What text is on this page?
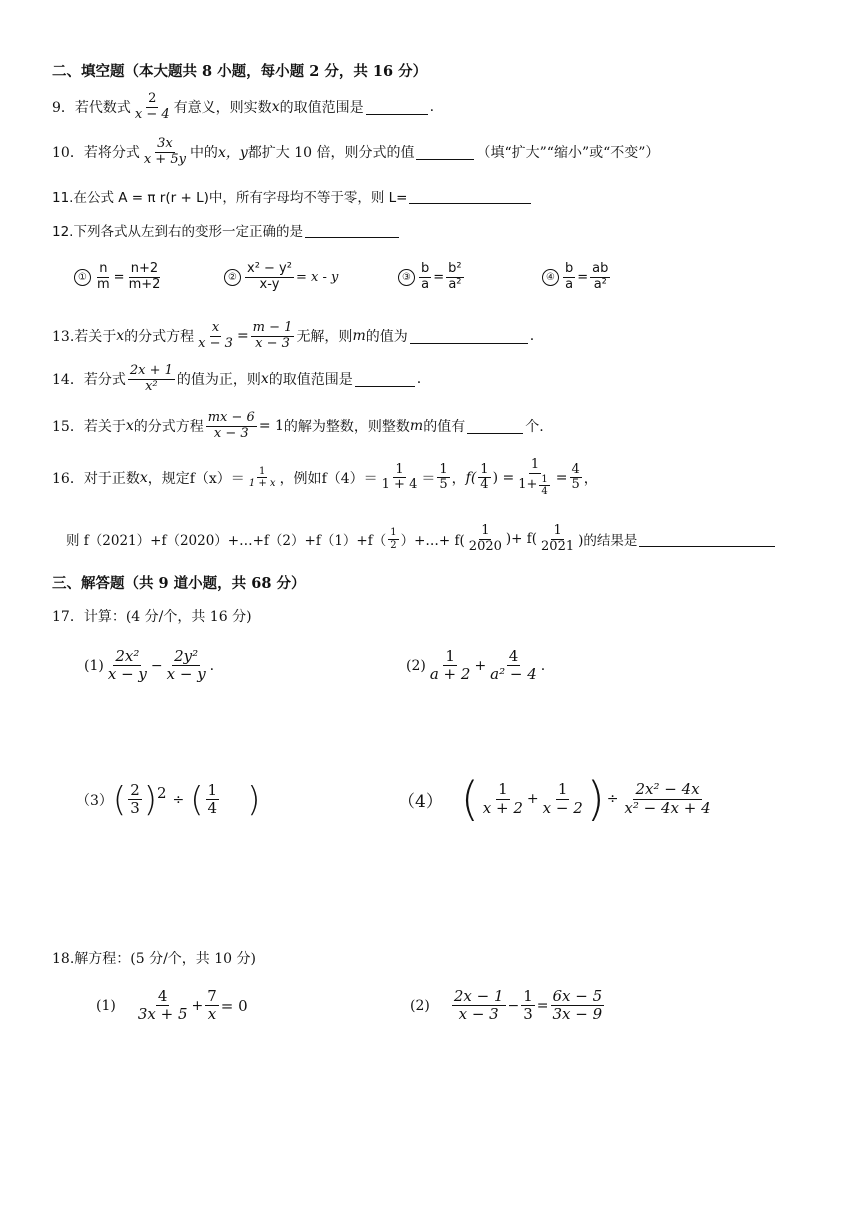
二、填空题（本大题共 8 小题，每小题 2 分，共 16 分）
9．若代数式 $\frac{2}{x - 4}$ 有意义，则实数 x 的取值范围是	.
10．若将分式 $\frac{3x}{x + 5y}$ 中的 x，y 都扩大 10 倍，则分式的值	（填“扩大”“缩小”或“不变”）
11.在公式 A = π r(r + L)中，所有字母均不等于零，则 L=
12.下列各式从左到右的变形一定正确的是
① $\frac{n}{m} = \frac{n+2}{m+2}$	② $\frac{\text{x² − y²}}{x-y} = x - y$	③ $\frac{b}{a} = \frac{\text{b²}}{\text{a²}}$	④ $\frac{b}{a} = \frac{ab}{\text{a²}}$
13.若关于 x 的分式方程 $\frac{x}{x - 3} = \frac{m - 1}{x - 3}$ 无解，则 m 的值为	.
14．若分式 $\frac{2x + 1}{\text{x²}}$ 的值为正，则 x 的取值范围是	.
15．若关于 x 的分式方程 $\frac{mx - 6}{x - 3} = 1$ 的解为整数，则整数 m 的值有	个.
16．对于正数 x ，规定 $f(x)= \frac{1}{1 + x}$ ，例如 $f(4)= \frac{1}{1 + 4} = \frac{1}{5}$ ， $f( \frac{1}{4}$ ) = $\frac{1}{1+ \frac{1}{4}} = \frac{4}{5}$ ，
则 f（2021）+f（2020）+…+f（2）+f（1）+f（ $\frac{1}{2}$ ）+…+ $f( \frac{1}{2020}$ )+ $f( \frac{1}{2021}$ )的结果是
三、解答题（共 9 道小题，共 68 分）
17．计算：(4 分/个，共 16 分)
$(1) \frac{\text{2x²}}{x - y} - \frac{\text{2y²}}{x - y}$ .	$(2) \frac{1}{a + 2} + \frac{4}{\text{a² − 4}}$ .
（3） ( $\frac{2}{3}$ ) 2 ÷ ( $\frac{1}{4}$ )	（4） ( $\frac{1}{x + 2} + \frac{1}{x - 2}$ ) ÷ $\frac{\text{2x² − 4x}}{\text{x² − 4x + 4}}$
18.解方程：(5 分/个，共 10 分)
$(1) \frac{4}{3x + 5} + \frac{7}{x} = 0$	$(2) \frac{2x - 1}{x - 3} - \frac{1}{3} = \frac{6x - 5}{3x - 9}$
